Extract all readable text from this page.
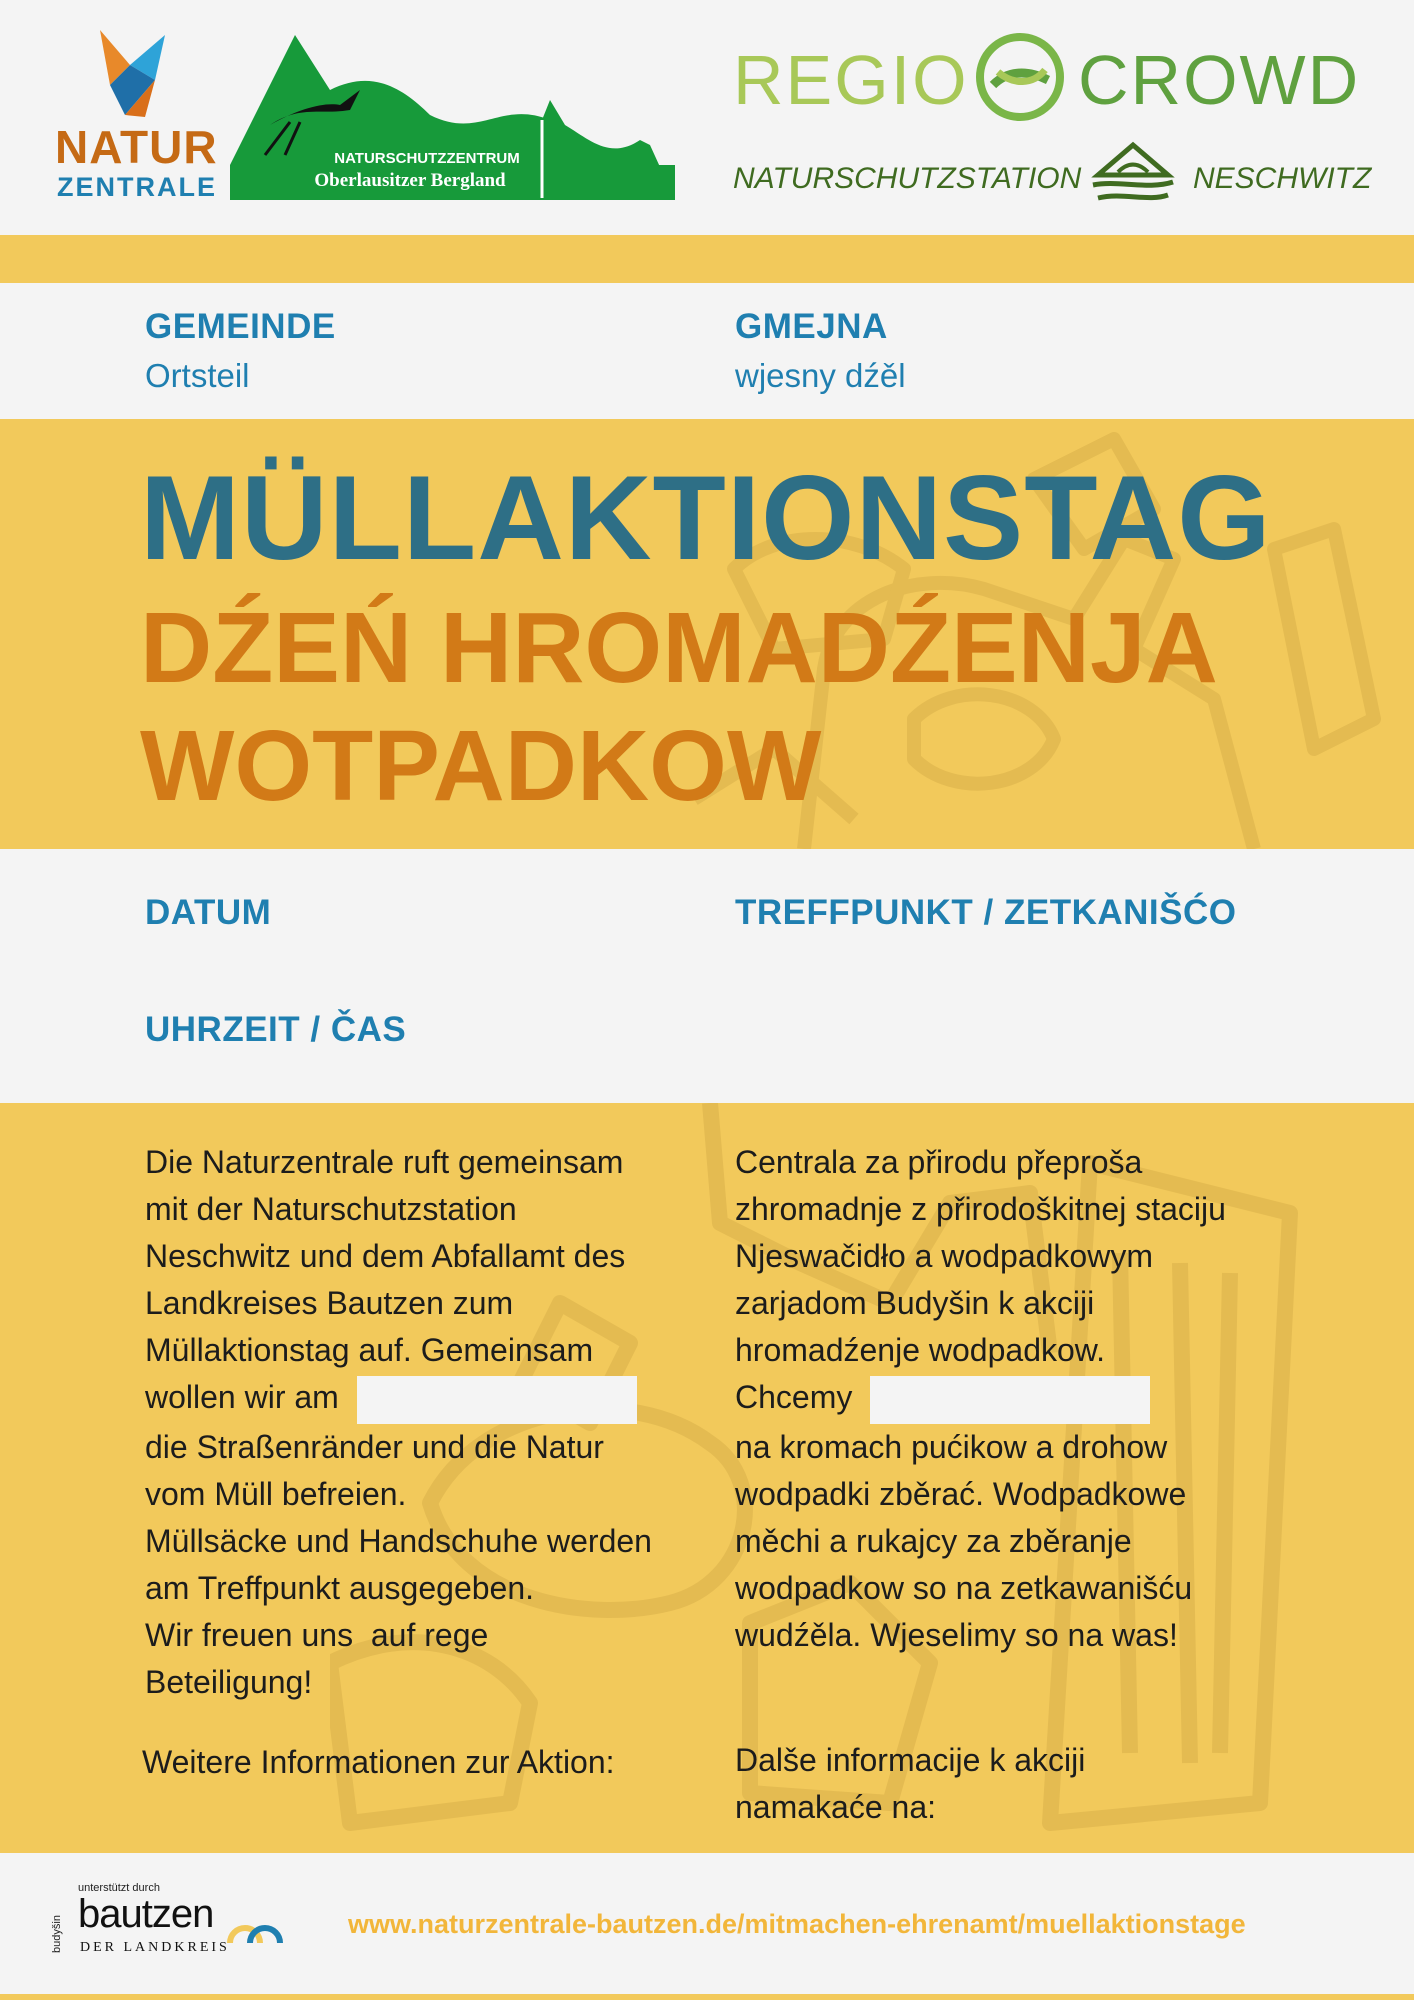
NATUR
ZENTRALE
NATURSCHUTZZENTRUM
Oberlausitzer Bergland
REGIO CROWD
NATURSCHUTZSTATION	NESCHWITZ
GEMEINDE
Ortsteil
GMEJNA
wjesny dźěl
MÜLLAKTIONSTAG
DŹEŃ HROMADŹENJA
WOTPADKOW
DATUM	TREFFPUNKT / ZETKANIŠĆO
UHRZEIT / ČAS
Die Naturzentrale ruft gemeinsam
mit der Naturschutzstation
Neschwitz und dem Abfallamt des
Landkreises Bautzen zum
Müllaktionstag auf. Gemeinsam
wollen wir am
die Straßenränder und die Natur
vom Müll befreien.
Müllsäcke und Handschuhe werden
am Treffpunkt ausgegeben.
Wir freuen uns  auf rege
Beteiligung!
Centrala za přirodu přeproša
zhromadnje z přirodoškitnej staciju
Njeswačidło a wodpadkowym
zarjadom Budyšin k akciji
hromadźenje wodpadkow.
Chcemy
na kromach pućikow a drohow
wodpadki zběrać. Wodpadkowe
měchi a rukajcy za zběranje
wodpadkow so na zetkawanišću
wudźěla. Wjeselimy so na was!
Weitere Informationen zur Aktion:	Dalše informacije k akciji
namakaće na:
unterstützt durch
budyšin bautzen
DER LANDKREIS
www.naturzentrale-bautzen.de/mitmachen-ehrenamt/muellaktionstage
